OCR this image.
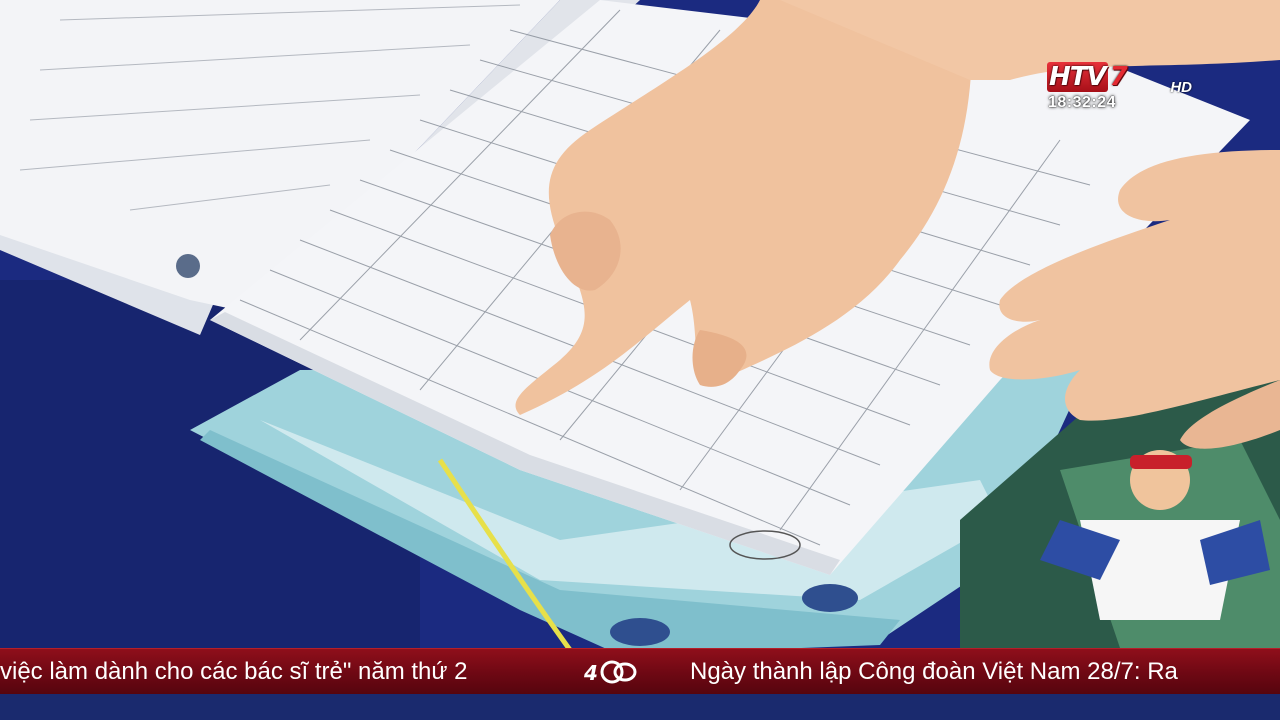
HTV 7	HD
18:32:24
việc làm dành cho các bác sĩ trẻ" năm thứ 2	4	Ngày thành lập Công đoàn Việt Nam 28/7: Ra
